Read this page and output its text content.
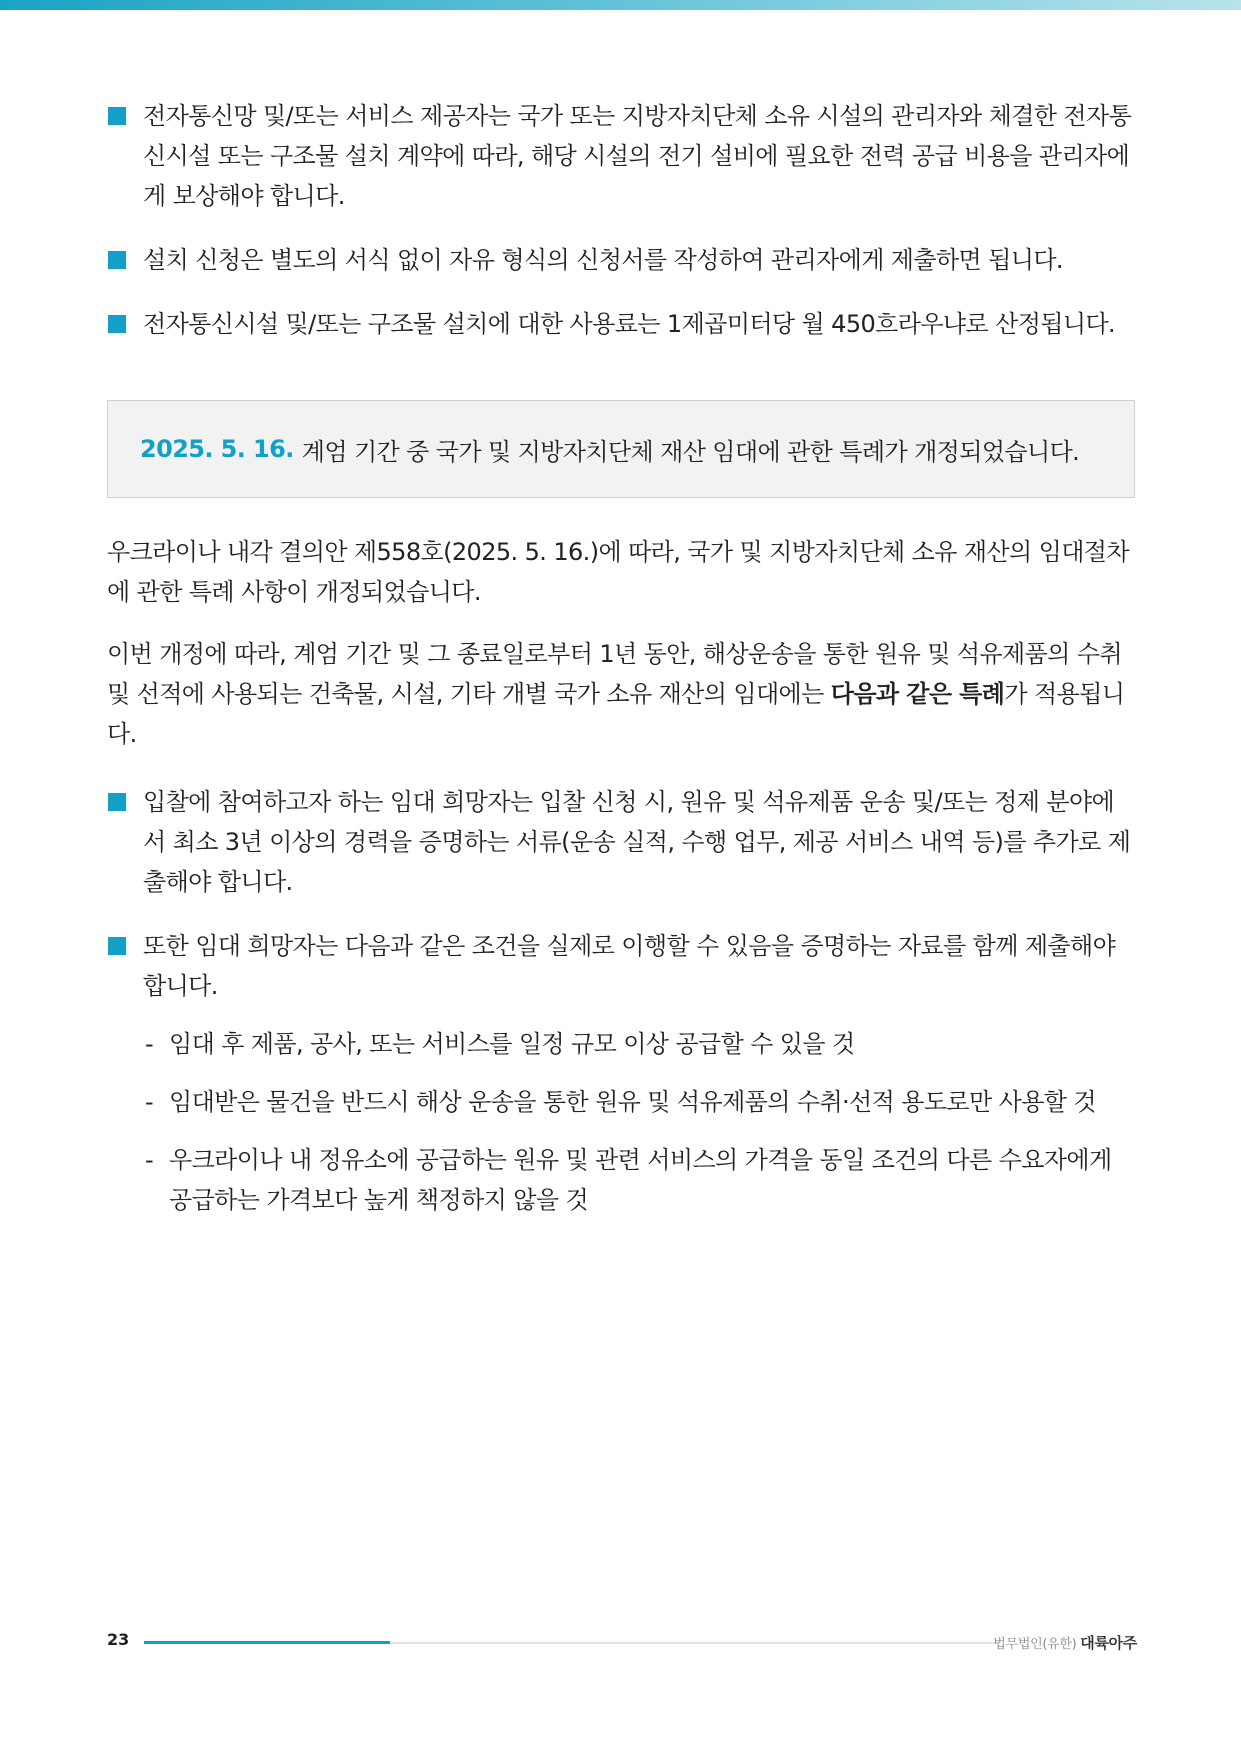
전자통신망 및/또는 서비스 제공자는 국가 또는 지방자치단체 소유 시설의 관리자와 체결한 전자통신시설 또는 구조물 설치 계약에 따라, 해당 시설의 전기 설비에 필요한 전력 공급 비용을 관리자에게 보상해야 합니다.
설치 신청은 별도의 서식 없이 자유 형식의 신청서를 작성하여 관리자에게 제출하면 됩니다.
전자통신시설 및/또는 구조물 설치에 대한 사용료는 1제곱미터당 월 450흐라우냐로 산정됩니다.
2025. 5. 16. 계엄 기간 중 국가 및 지방자치단체 재산 임대에 관한 특례가 개정되었습니다.

우크라이나 내각 결의안 제558호(2025. 5. 16.)에 따라, 국가 및 지방자치단체 소유 재산의 임대절차에 관한 특례 사항이 개정되었습니다.

이번 개정에 따라, 계엄 기간 및 그 종료일로부터 1년 동안, 해상운송을 통한 원유 및 석유제품의 수취 및 선적에 사용되는 건축물, 시설, 기타 개별 국가 소유 재산의 임대에는 다음과 같은 특례가 적용됩니다.

입찰에 참여하고자 하는 임대 희망자는 입찰 신청 시, 원유 및 석유제품 운송 및/또는 정제 분야에서 최소 3년 이상의 경력을 증명하는 서류(운송 실적, 수행 업무, 제공 서비스 내역 등)를 추가로 제출해야 합니다.
또한 임대 희망자는 다음과 같은 조건을 실제로 이행할 수 있음을 증명하는 자료를 함께 제출해야 합니다.
- 임대 후 제품, 공사, 또는 서비스를 일정 규모 이상 공급할 수 있을 것
- 임대받은 물건을 반드시 해상 운송을 통한 원유 및 석유제품의 수취·선적 용도로만 사용할 것
- 우크라이나 내 정유소에 공급하는 원유 및 관련 서비스의 가격을 동일 조건의 다른 수요자에게 공급하는 가격보다 높게 책정하지 않을 것
23	법무법인(유한) 대륙아주
